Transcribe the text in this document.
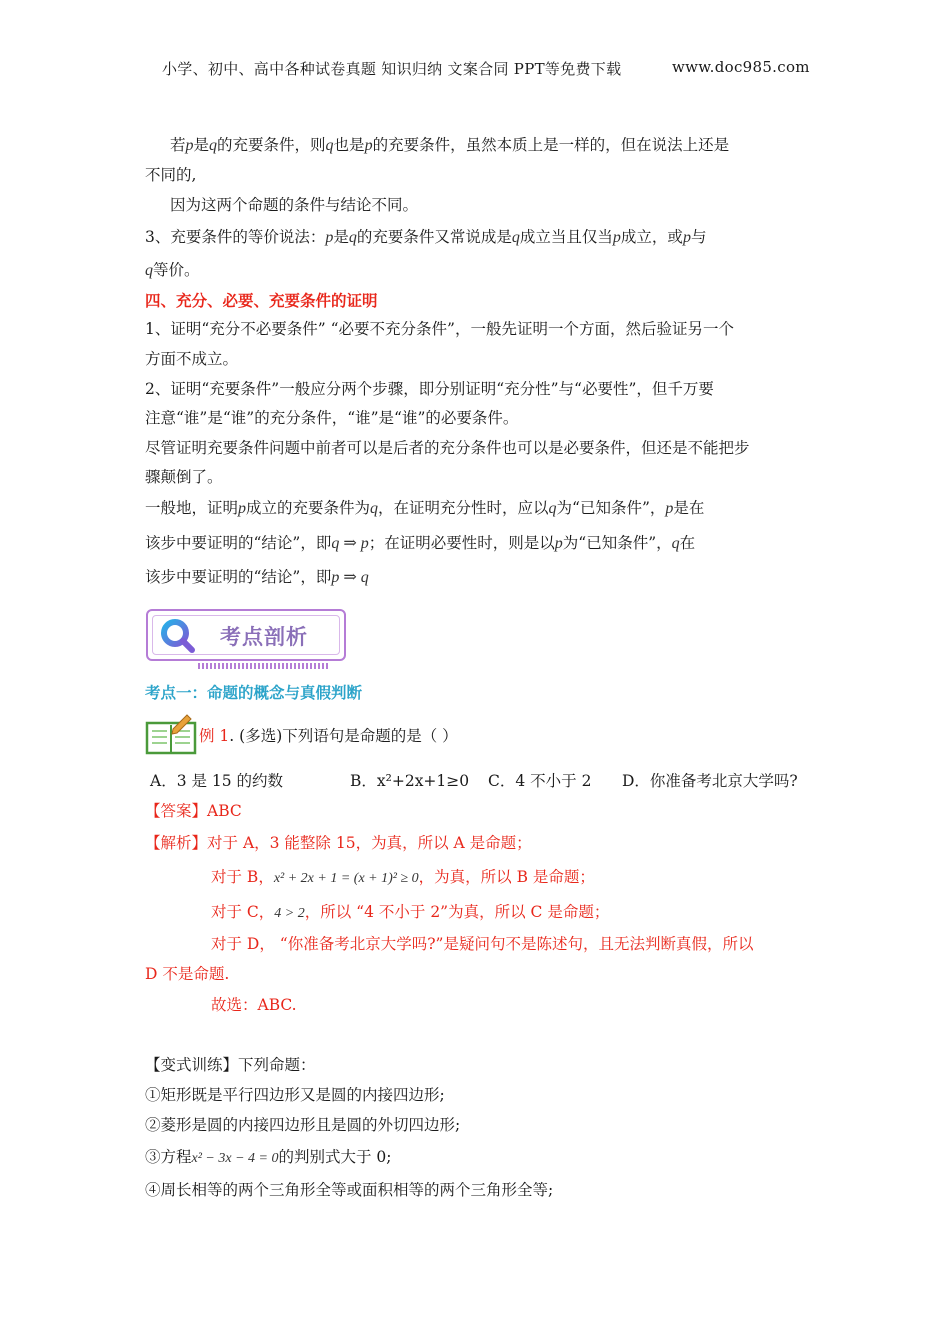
小学、初中、高中各种试卷真题 知识归纳 文案合同 PPT等免费下载	www.doc985.com
若p是q的充要条件，则q也是p的充要条件，虽然本质上是一样的，但在说法上还是
不同的,
因为这两个命题的条件与结论不同。
3、充要条件的等价说法：p是q的充要条件又常说成是q成立当且仅当p成立，或p与
q等价。
四、充分、必要、充要条件的证明
1、证明“充分不必要条件” “必要不充分条件”，一般先证明一个方面，然后验证另一个
方面不成立。
2、证明“充要条件”一般应分两个步骤，即分别证明“充分性”与“必要性”，但千万要
注意“谁”是“谁”的充分条件，“谁”是“谁”的必要条件。
尽管证明充要条件问题中前者可以是后者的充分条件也可以是必要条件，但还是不能把步
骤颠倒了。
一般地，证明p成立的充要条件为q，在证明充分性时，应以q为“已知条件”，p是在
该步中要证明的“结论”，即q ⇒ p；在证明必要性时，则是以p为“已知条件”，q在
该步中要证明的“结论”，即p ⇒ q
考点剖析
考点一：命题的概念与真假判断
例 1. (多选)下列语句是命题的是（ ）
A．3 是 15 的约数	B．x²+2x+1≥0 C．4 不小于 2 D．你准备考北京大学吗?
【答案】ABC
【解析】对于 A，3 能整除 15，为真，所以 A 是命题；
对于 B，x² + 2x + 1 = (x + 1)² ≥ 0，为真，所以 B 是命题；
对于 C，4 > 2，所以 “4 不小于 2”为真，所以 C 是命题；
对于 D， “你准备考北京大学吗?”是疑问句不是陈述句，且无法判断真假，所以
D 不是命题.
故选：ABC.
【变式训练】下列命题：
①矩形既是平行四边形又是圆的内接四边形;
②菱形是圆的内接四边形且是圆的外切四边形;
③方程x² − 3x − 4 = 0的判别式大于 0;
④周长相等的两个三角形全等或面积相等的两个三角形全等;
